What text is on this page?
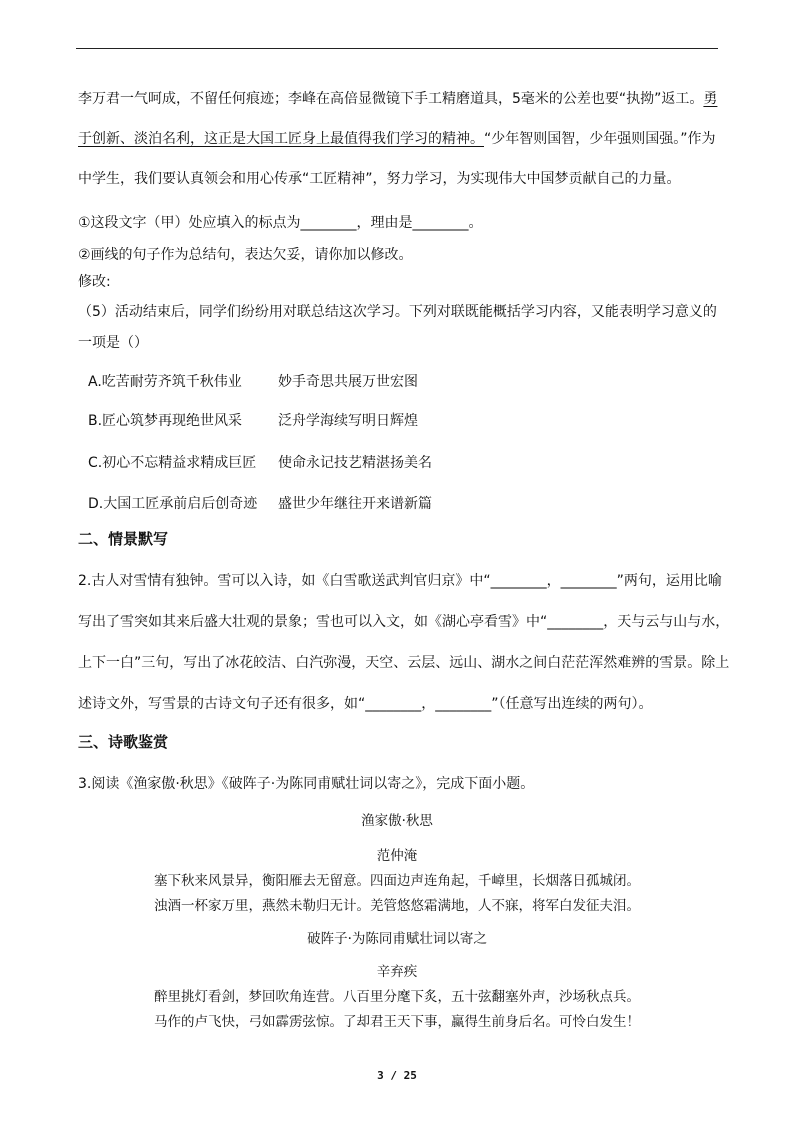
李万君一气呵成，不留任何痕迹；李峰在高倍显微镜下手工精磨道具，5毫米的公差也要“执拗”返工。勇
于创新、淡泊名利，这正是大国工匠身上最值得我们学习的精神。“少年智则国智，少年强则国强。”作为
中学生，我们要认真领会和用心传承“工匠精神”，努力学习，为实现伟大中国梦贡献自己的力量。
①这段文字（甲）处应填入的标点为________，理由是________。
②画线的句子作为总结句，表达欠妥，请你加以修改。
修改:
（5）活动结束后，同学们纷纷用对联总结这次学习。下列对联既能概括学习内容，又能表明学习意义的
一项是（）
A.吃苦耐劳齐筑千秋伟业	妙手奇思共展万世宏图
B.匠心筑梦再现绝世风采	泛舟学海续写明日辉煌
C.初心不忘精益求精成巨匠 使命永记技艺精湛扬美名
D.大国工匠承前启后创奇迹 盛世少年继往开来谱新篇
二、情景默写
2.古人对雪情有独钟。雪可以入诗，如《白雪歌送武判官归京》中“________，________”两句，运用比喻
写出了雪突如其来后盛大壮观的景象；雪也可以入文，如《湖心亭看雪》中“________，天与云与山与水，
上下一白”三句，写出了冰花皎洁、白汽弥漫，天空、云层、远山、湖水之间白茫茫浑然难辨的雪景。除上
述诗文外，写雪景的古诗文句子还有很多，如“________，________”（任意写出连续的两句）。
三、诗歌鉴赏
3.阅读《渔家傲·秋思》《破阵子·为陈同甫赋壮词以寄之》，完成下面小题。
渔家傲·秋思
范仲淹
塞下秋来风景异，衡阳雁去无留意。四面边声连角起，千嶂里，长烟落日孤城闭。
浊酒一杯家万里，燕然未勒归无计。羌管悠悠霜满地，人不寐，将军白发征夫泪。
破阵子·为陈同甫赋壮词以寄之
辛弃疾
醉里挑灯看剑，梦回吹角连营。八百里分麾下炙，五十弦翻塞外声，沙场秋点兵。
马作的卢飞快，弓如霹雳弦惊。了却君王天下事，赢得生前身后名。可怜白发生！
3 / 25
